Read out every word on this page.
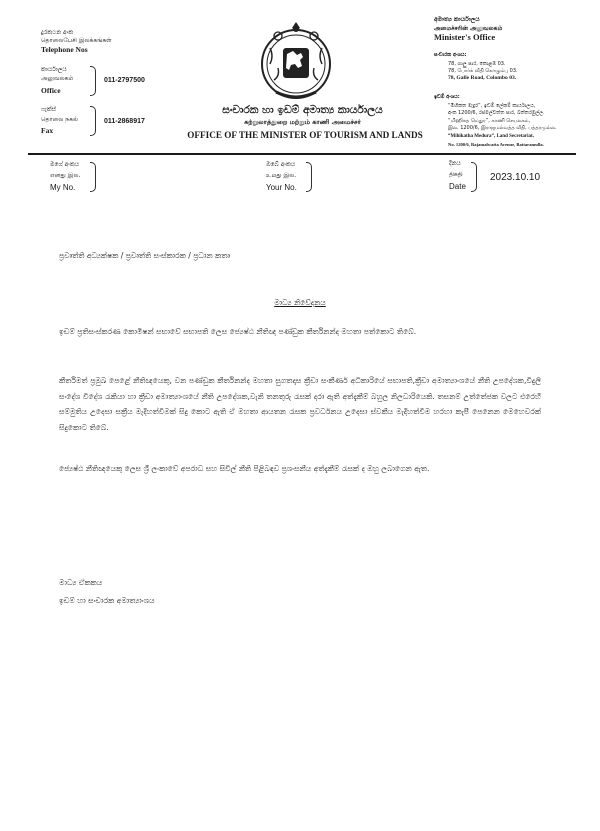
දුරකථන අංක
தொலைபேசி இலக்கங்கள்
Telephone Nos
කාර්යාලය
அலுவலகம்
Office
011-2797500
ෆැක්ස්
தொலை நகல்
Fax
011-2868917
සංචාරක හා ඉඩම් අමාත්‍ය කාර්යාලය
சுற்றுலாத்துறை மற்றும் காணி அமைச்சர்
OFFICE OF THE MINISTER OF TOURISM AND LANDS
අමාත්‍ය කාර්යාලය
அமைச்சரின் அலுவலகம்
Minister's Office
සංචාරක අංශය:
78, ගාලු පාර, කොළඹ 03.
78, போர்க் வீதி கொழும்பு 03.
78, Galle Road, Colombo 03.
ඉඩම් අංශය:
“මිහිකත මැදුර”, ඉඩම් ලේකම් කාර්යාලය,
අංක 1200/6, රජමල්වත්ත පාර, බත්තරමුල්ල.
“மிஹிகத மெதுர”, காணி செயலகம்,
இல. 1200/6, இராஜமல்வத்த வீதி, பத்தரமுல்ல.
“Mihikatha Medura”, Land Secretariat,
No. 1200/6, Rajamalwatta Avenue, Battaramulla.
මගේ අංකය
எனது இல.
My No.
ඔබේ අංකය
உமது இல.
Your No.
දිනය
திகதி
Date
2023.10.10
ප්‍රවෘත්ති අධ්‍යක්ෂක / ප්‍රවෘත්ති සංස්කාරක / ප්‍රධාන කතෘ
මාධ්‍ය නිවේදනය
ඉඩම් ප්‍රතිසංස්කරණ කොමිෂන් සභාවේ සභාපති ලෙස ජ්‍යෙෂ්ඨ නීතිඥ පණ්ඩුක කීර්තිනන්ද මහතා පත්කොට තිබේ.
කීර්තිමත් ප්‍රමුඛ පෙළේ නීතිඥයෙකු, වන පණ්ඩුක කීර්තිනන්ද මහතා සුගතදාස ක්‍රීඩා සංකීර්ණ අධිකාරියේ සභාපති,ක්‍රීඩා අමාත්‍යාංශයේ නීති උපදේශක,විදුලි සංදේශ විදේශ රැකියා හා ක්‍රීඩා අමාත්‍යාංශයේ නීති උපදේශක,වැනි තනතුරු රැසක් දරා ඇති අත්දැකීම් බහුල නිලධාරියෙකි. තසනම් උත්තේජක වලට එරෙහි සම්මුතිය උදෙසා සක්‍රීය මැදිහත්වීමක් සිදු කොට ඇති ඒ මහතා ආයතන රැසක ප්‍රවර්ධනය උදෙසා ස්වකීය මැදිහත්වීම හරහා කැපී පෙනෙන මෙහෙවරක් සිදුකොට තිබේ.
ජ්‍යෙෂ්ඨ නීතිඥයෙකු ලෙස ශ්‍රී ලංකාවේ අපරාධ සහ සිවිල් නීති පිළිබඳව ප්‍රශංසනීය අත්දැකීම් රැසක් ද ඔහු ලබාගෙන ඇත.
මාධ්‍ය ඒකකය
ඉඩම් හා සංචාරක අමාත්‍යාංශය
